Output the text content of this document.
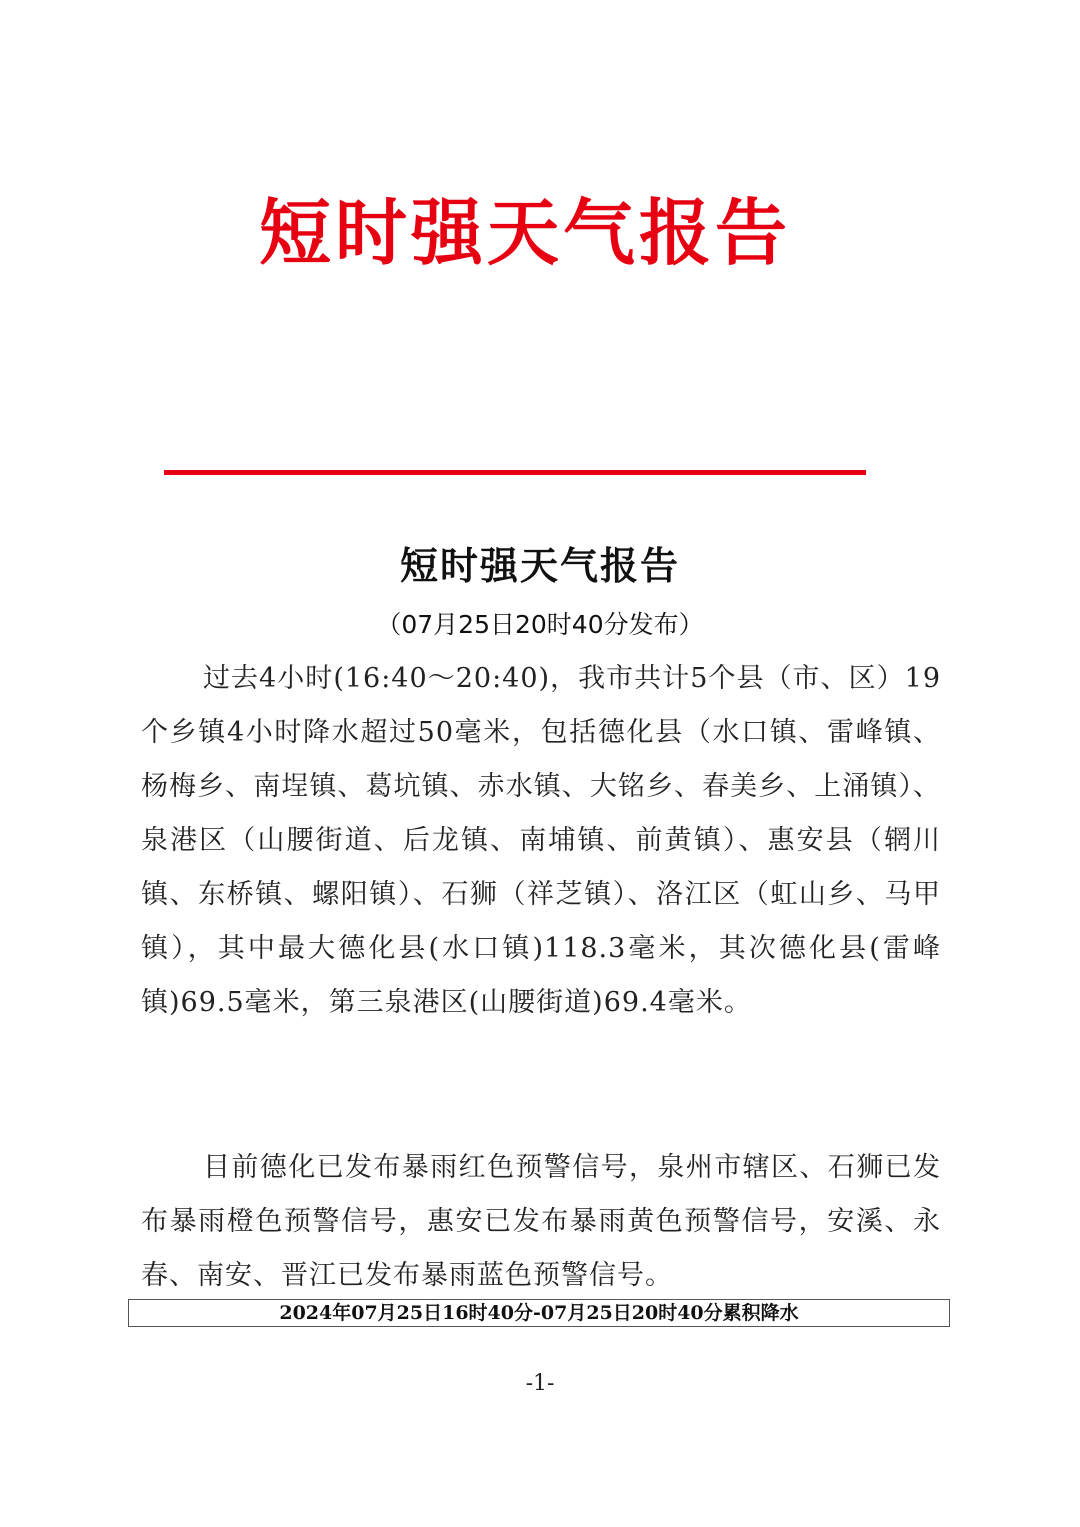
短时强天气报告
短时强天气报告
（07月25日20时40分发布）

过去4小时(16:40～20:40)，我市共计5个县（市、区）19个乡镇4小时降水超过50毫米，包括德化县（水口镇、雷峰镇、杨梅乡、南埕镇、葛坑镇、赤水镇、大铭乡、春美乡、上涌镇）、泉港区（山腰街道、后龙镇、南埔镇、前黄镇）、惠安县（辋川镇、东桥镇、螺阳镇）、石狮（祥芝镇）、洛江区（虹山乡、马甲镇），其中最大德化县(水口镇)118.3毫米，其次德化县(雷峰镇)69.5毫米，第三泉港区(山腰街道)69.4毫米。

目前德化已发布暴雨红色预警信号，泉州市辖区、石狮已发布暴雨橙色预警信号，惠安已发布暴雨黄色预警信号，安溪、永春、南安、晋江已发布暴雨蓝色预警信号。

2024年07月25日16时40分-07月25日20时40分累积降水
-1-
